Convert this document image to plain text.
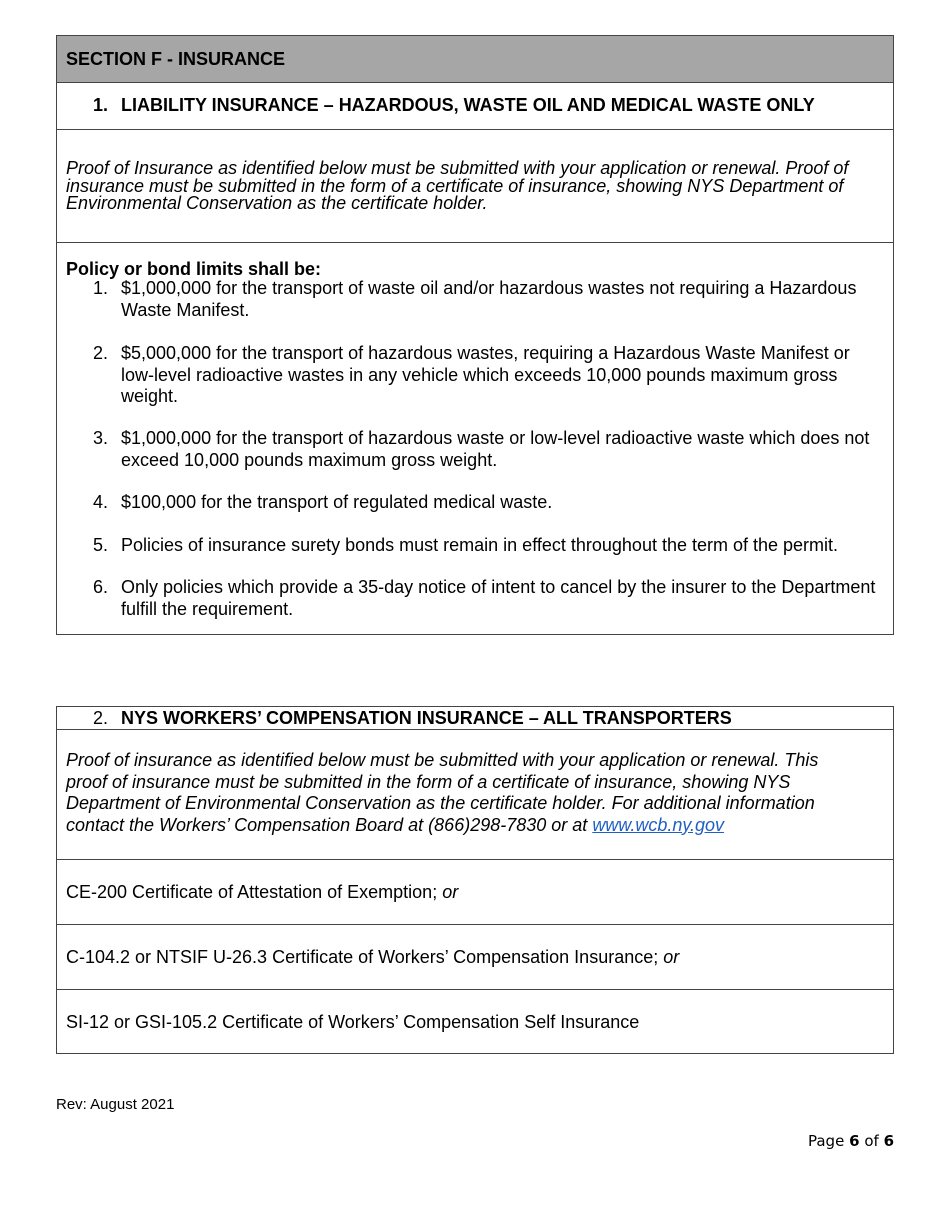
SECTION F - INSURANCE
1. LIABILITY INSURANCE – HAZARDOUS, WASTE OIL AND MEDICAL WASTE ONLY
Proof of Insurance as identified below must be submitted with your application or renewal. Proof of insurance must be submitted in the form of a certificate of insurance, showing NYS Department of Environmental Conservation as the certificate holder.
Policy or bond limits shall be:
1. $1,000,000 for the transport of waste oil and/or hazardous wastes not requiring a Hazardous Waste Manifest.
2. $5,000,000 for the transport of hazardous wastes, requiring a Hazardous Waste Manifest or low-level radioactive wastes in any vehicle which exceeds 10,000 pounds maximum gross weight.
3. $1,000,000 for the transport of hazardous waste or low-level radioactive waste which does not exceed 10,000 pounds maximum gross weight.
4. $100,000 for the transport of regulated medical waste.
5. Policies of insurance surety bonds must remain in effect throughout the term of the permit.
6. Only policies which provide a 35-day notice of intent to cancel by the insurer to the Department fulfill the requirement.
2. NYS WORKERS’ COMPENSATION INSURANCE – ALL TRANSPORTERS
Proof of insurance as identified below must be submitted with your application or renewal. This proof of insurance must be submitted in the form of a certificate of insurance, showing NYS Department of Environmental Conservation as the certificate holder. For additional information contact the Workers’ Compensation Board at (866)298-7830 or at www.wcb.ny.gov
CE-200 Certificate of Attestation of Exemption; or
C-104.2 or NTSIF U-26.3 Certificate of Workers’ Compensation Insurance; or
SI-12 or GSI-105.2 Certificate of Workers’ Compensation Self Insurance
Rev: August 2021
Page 6 of 6
